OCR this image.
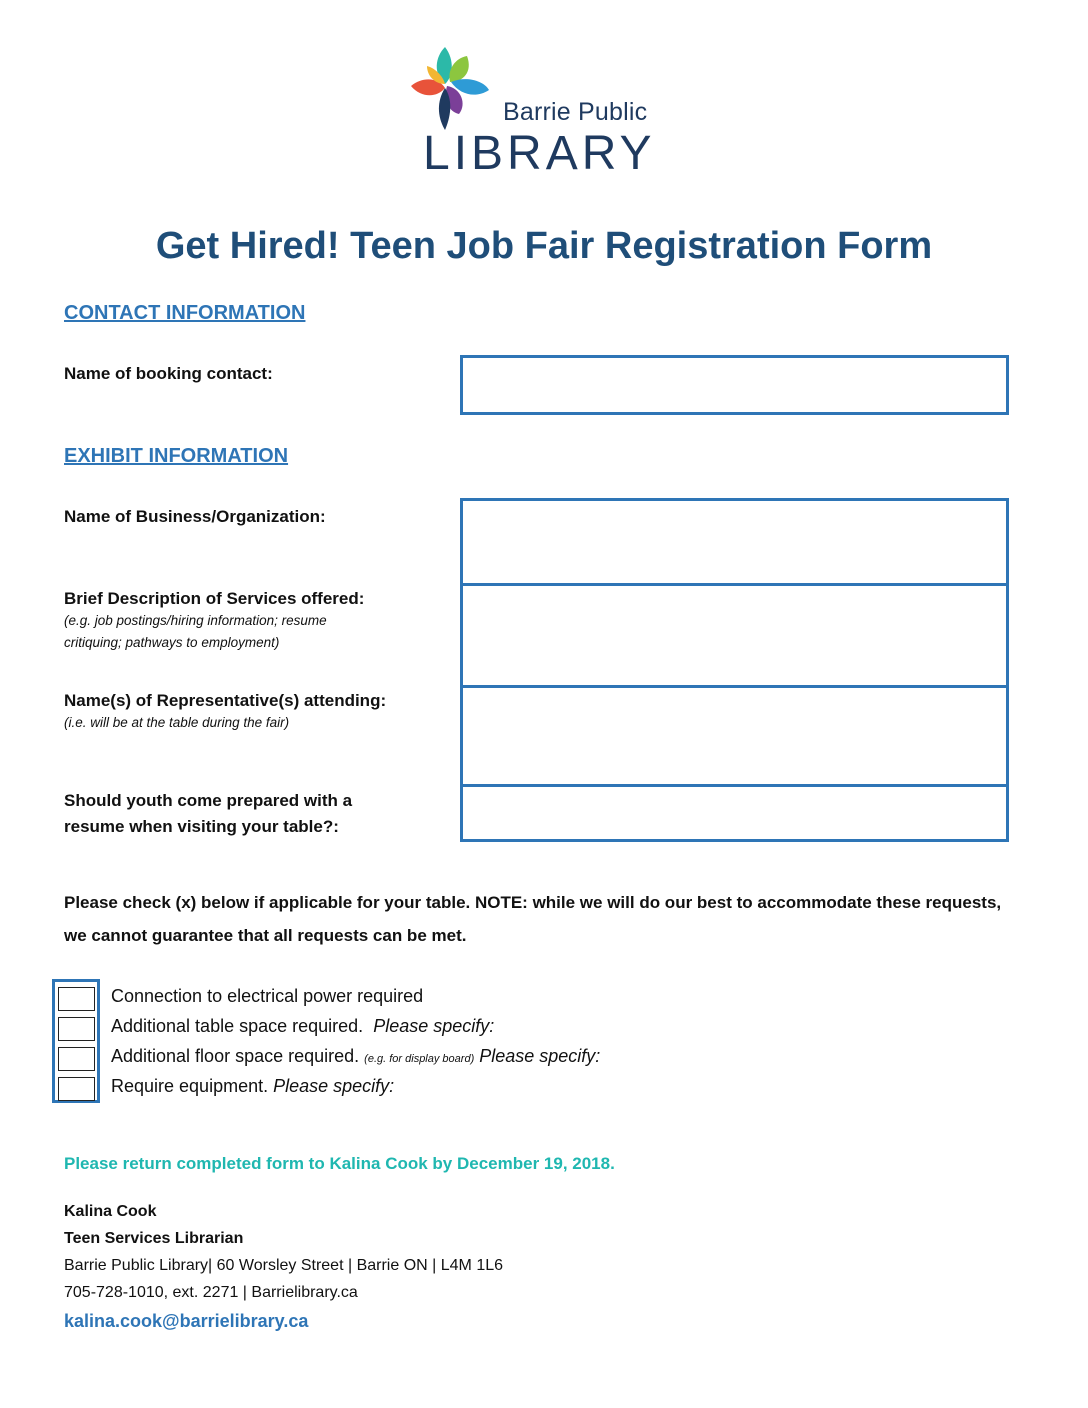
Barrie Public
LIBRARY
Get Hired! Teen Job Fair Registration Form
CONTACT INFORMATION
Name of booking contact:
EXHIBIT INFORMATION
Name of Business/Organization:
Brief Description of Services offered:
(e.g. job postings/hiring information; resume
critiquing; pathways to employment)
Name(s) of Representative(s) attending:
(i.e. will be at the table during the fair)
Should youth come prepared with a
resume when visiting your table?:
Please check (x) below if applicable for your table. NOTE: while we will do our best to accommodate these requests, we cannot guarantee that all requests can be met.
Connection to electrical power required
Additional table space required. Please specify:
Additional floor space required. (e.g. for display board) Please specify:
Require equipment. Please specify:
Please return completed form to Kalina Cook by December 19, 2018.
Kalina Cook
Teen Services Librarian
Barrie Public Library| 60 Worsley Street | Barrie ON | L4M 1L6
705-728-1010, ext. 2271 | Barrielibrary.ca
kalina.cook@barrielibrary.ca
